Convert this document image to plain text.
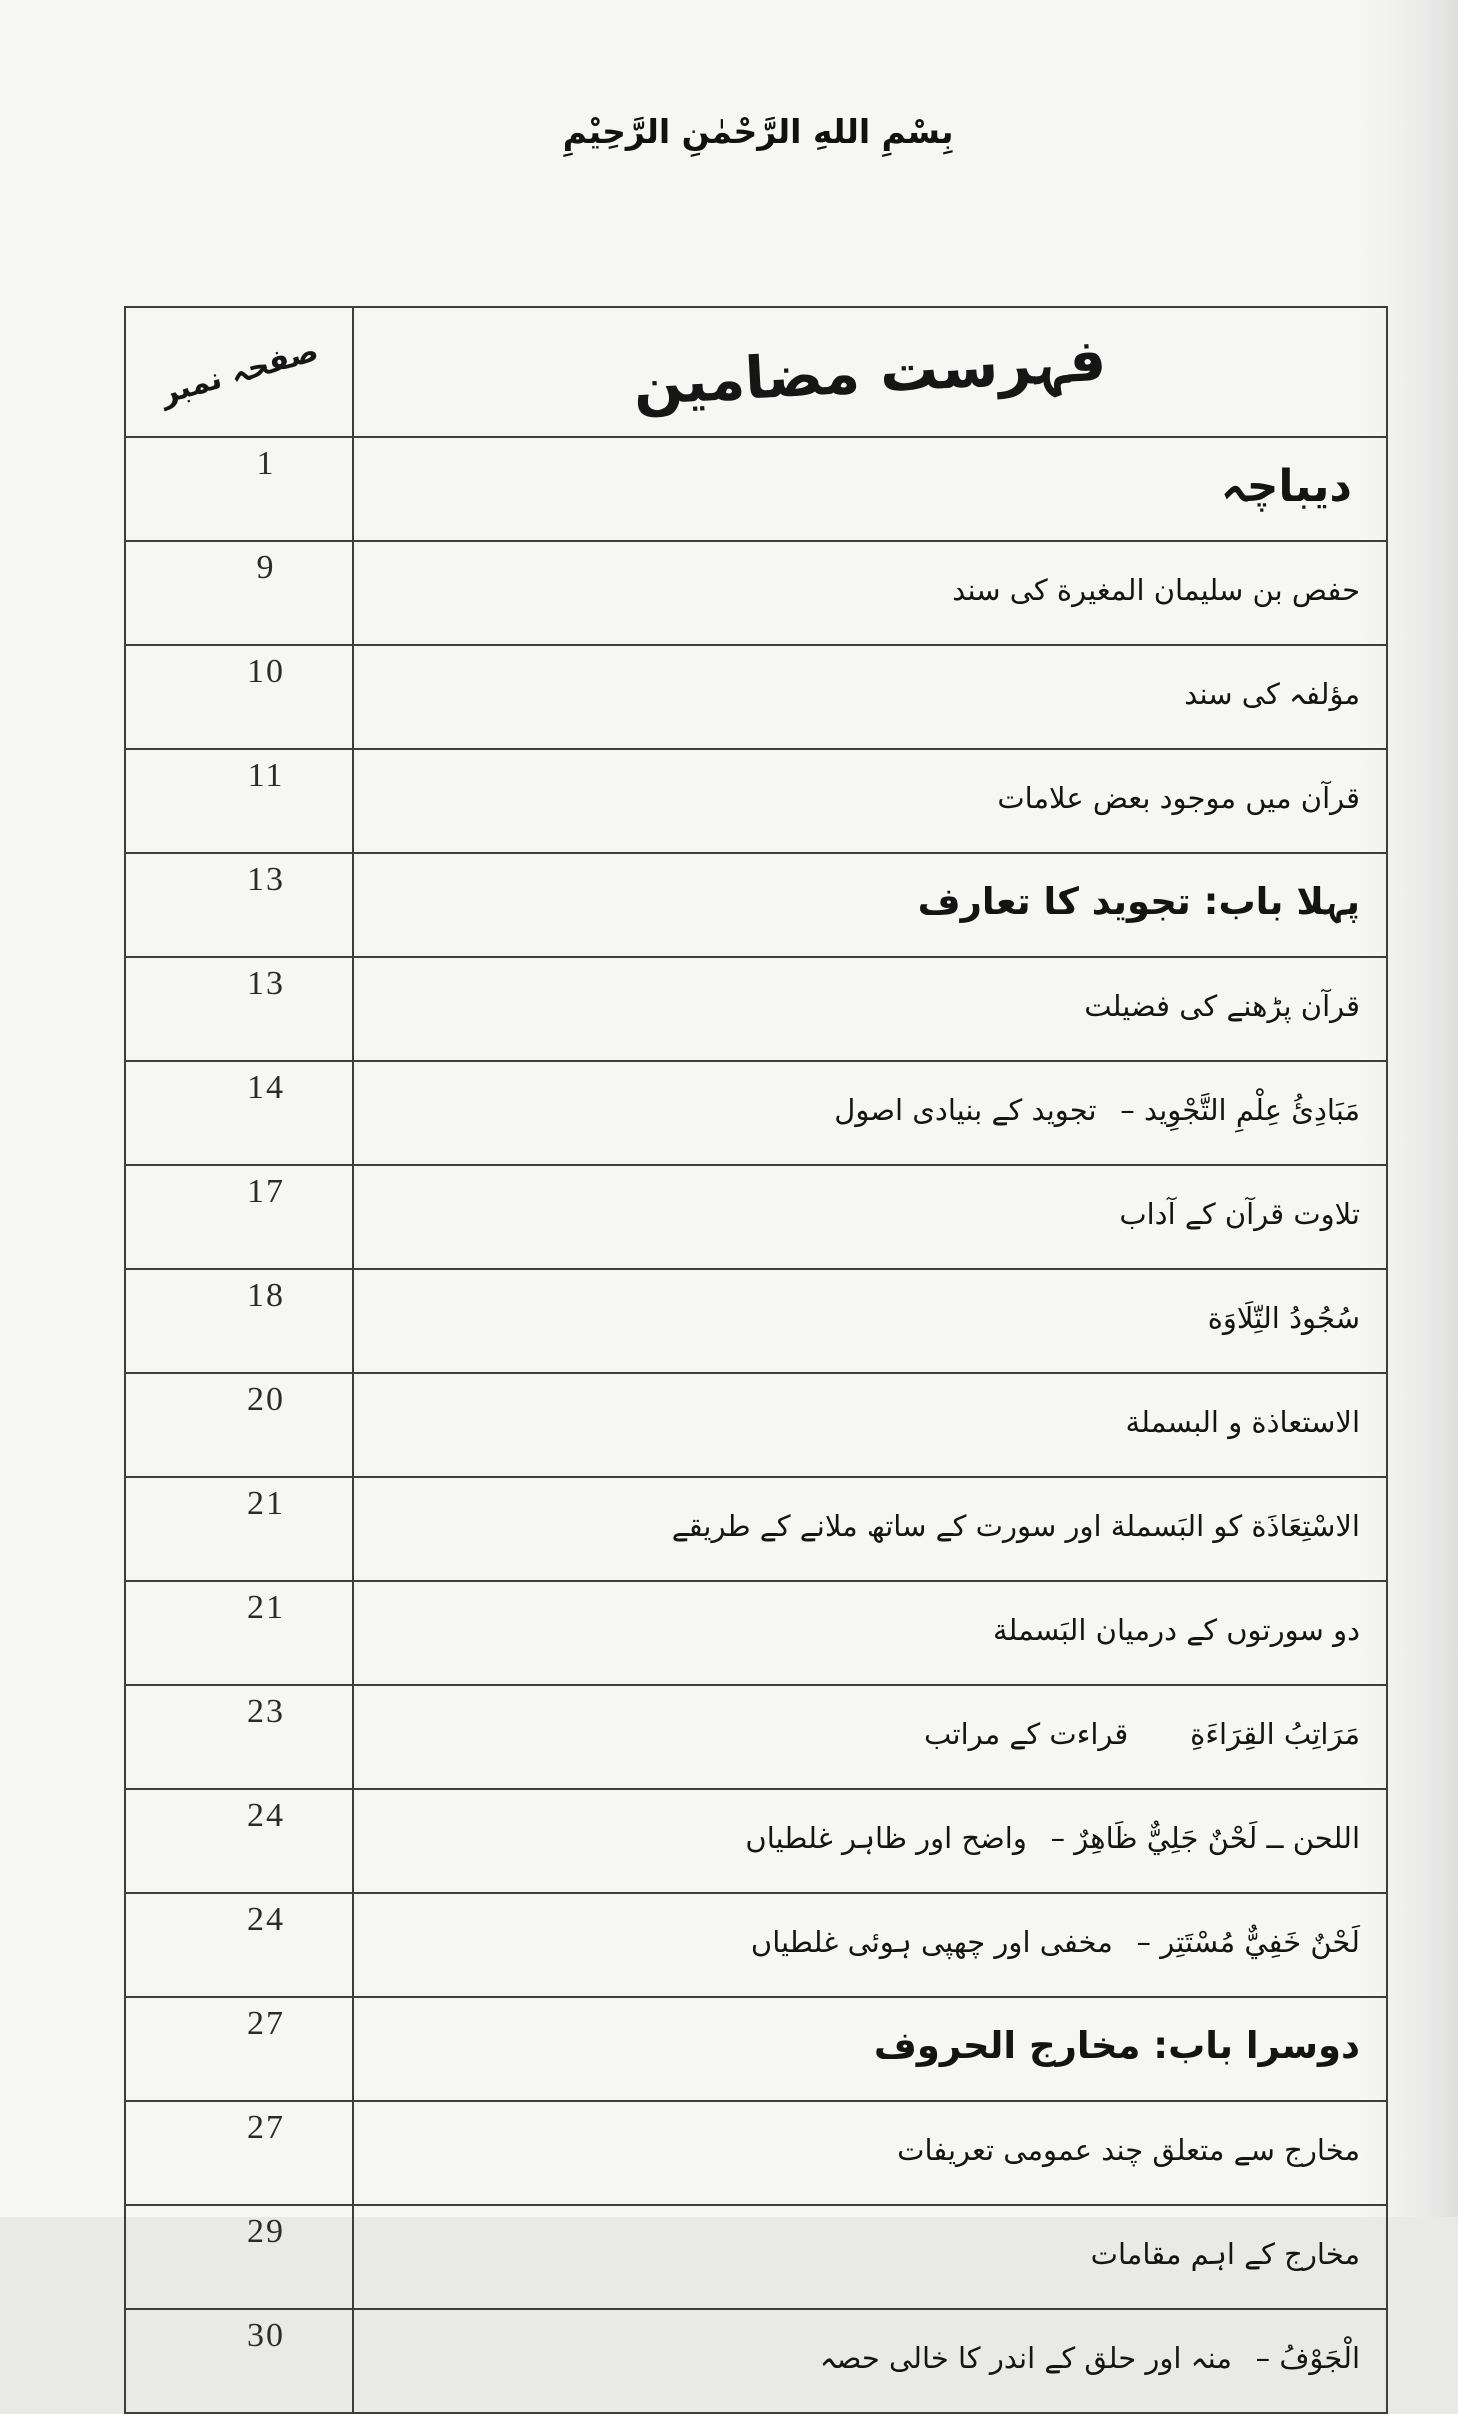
بِسْمِ اللهِ الرَّحْمٰنِ الرَّحِيْمِ
صفحہ نمبر	فہرست مضامین
1	دیباچہ
9	حفص بن سلیمان المغیرة کی سند
10	مؤلفہ کی سند
11	قرآن میں موجود بعض علامات
13	پہلا باب: تجوید کا تعارف
13	قرآن پڑھنے کی فضیلت
14	مَبَادِئُ عِلْمِ التَّجْوِيد –  تجوید کے بنیادی اصول
17	تلاوت قرآن کے آداب
18	سُجُودُ التِّلَاوَة
20	الاستعاذة و البسملة
21	الاسْتِعَاذَة کو البَسملة اور سورت کے ساتھ ملانے کے طریقے
21	دو سورتوں کے درمیان البَسملة
23	مَرَاتِبُ القِرَاءَةِ    قراءت کے مراتب
24	اللحن ــ لَحْنٌ جَلِيٌّ ظَاهِرٌ –  واضح اور ظاہر غلطیاں
24	لَحْنٌ خَفِيٌّ مُسْتَتِر –  مخفی اور چھپی ہوئی غلطیاں
27	دوسرا باب: مخارج الحروف
27	مخارج سے متعلق چند عمومی تعریفات
29	مخارج کے اہم مقامات
30	الْجَوْفُ –  منہ اور حلق کے اندر کا خالی حصہ
